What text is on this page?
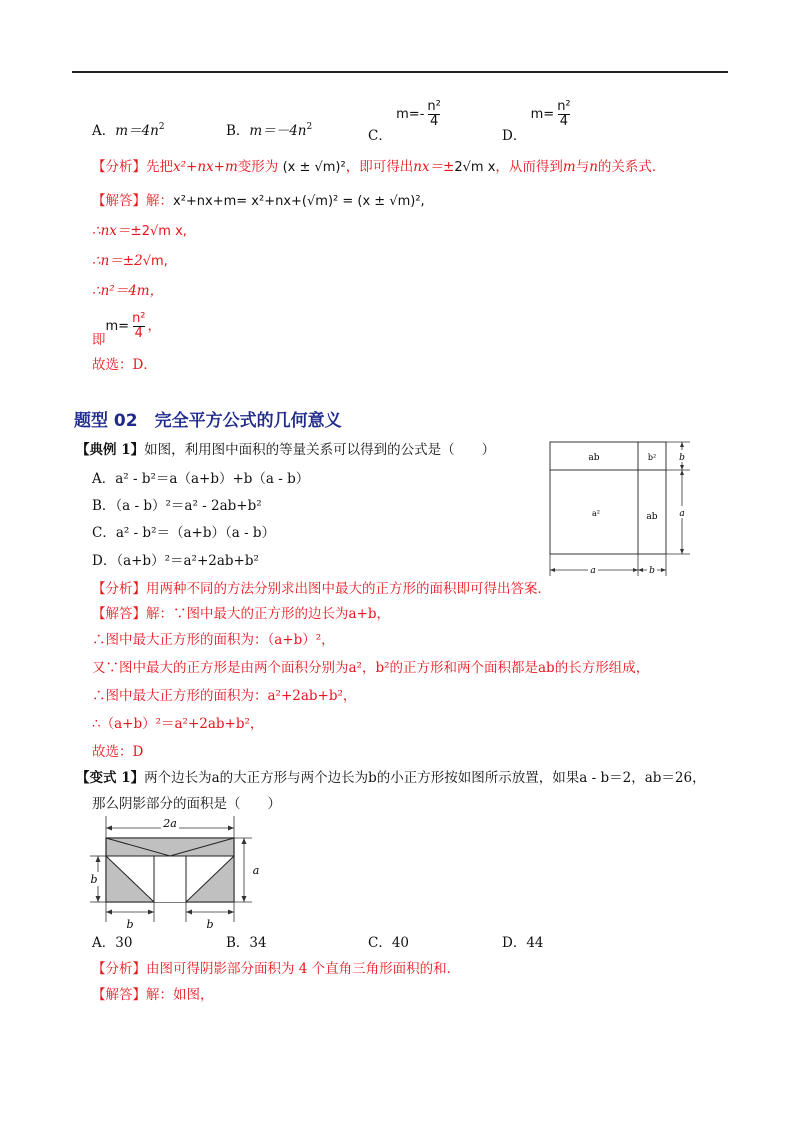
A．$m=4n^2$	B．$m=-4n^2$
C． $m=- \frac{\text{n²}}{4}$
D． $m= \frac{\text{n²}}{4}$
【分析】先把x²+nx+m变形为 (x ± √m)²，即可得出nx＝±2√m x，从而得到m与n的关系式．
【解答】解：x²+nx+m= x²+nx+(√m)² = (x ± √m)²,
∴nx＝±2√m x,
∴n＝±2√m,
∴n²＝4m，
即$m= \frac{\text{n²}}{4}$ ，
故选：D．
题型 02　完全平方公式的几何意义
【典例 1】如图，利用图中面积的等量关系可以得到的公式是（　　）
A．a² - b²＝a（a+b）+b（a - b）
B．（a - b）²＝a² - 2ab+b²
C．a² - b²＝（a+b）（a - b）
D．（a+b）²＝a²+2ab+b²
ab	b²
a²	ab
b
a
a	b
【分析】用两种不同的方法分别求出图中最大的正方形的面积即可得出答案．
【解答】解：∵图中最大的正方形的边长为a+b，
∴图中最大正方形的面积为：（a+b）²，
又∵图中最大的正方形是由两个面积分别为a²，b²的正方形和两个面积都是ab的长方形组成，
∴图中最大正方形的面积为：a²+2ab+b²，
∴（a+b）²＝a²+2ab+b²，
故选：D
【变式 1】两个边长为a的大正方形与两个边长为b的小正方形按如图所示放置，如果a - b＝2，ab＝26，
那么阴影部分的面积是（　　）
2a
b
a
b	b
A．30	B．34	C．40	D．44
【分析】由图可得阴影部分面积为 4 个直角三角形面积的和．
【解答】解：如图，
